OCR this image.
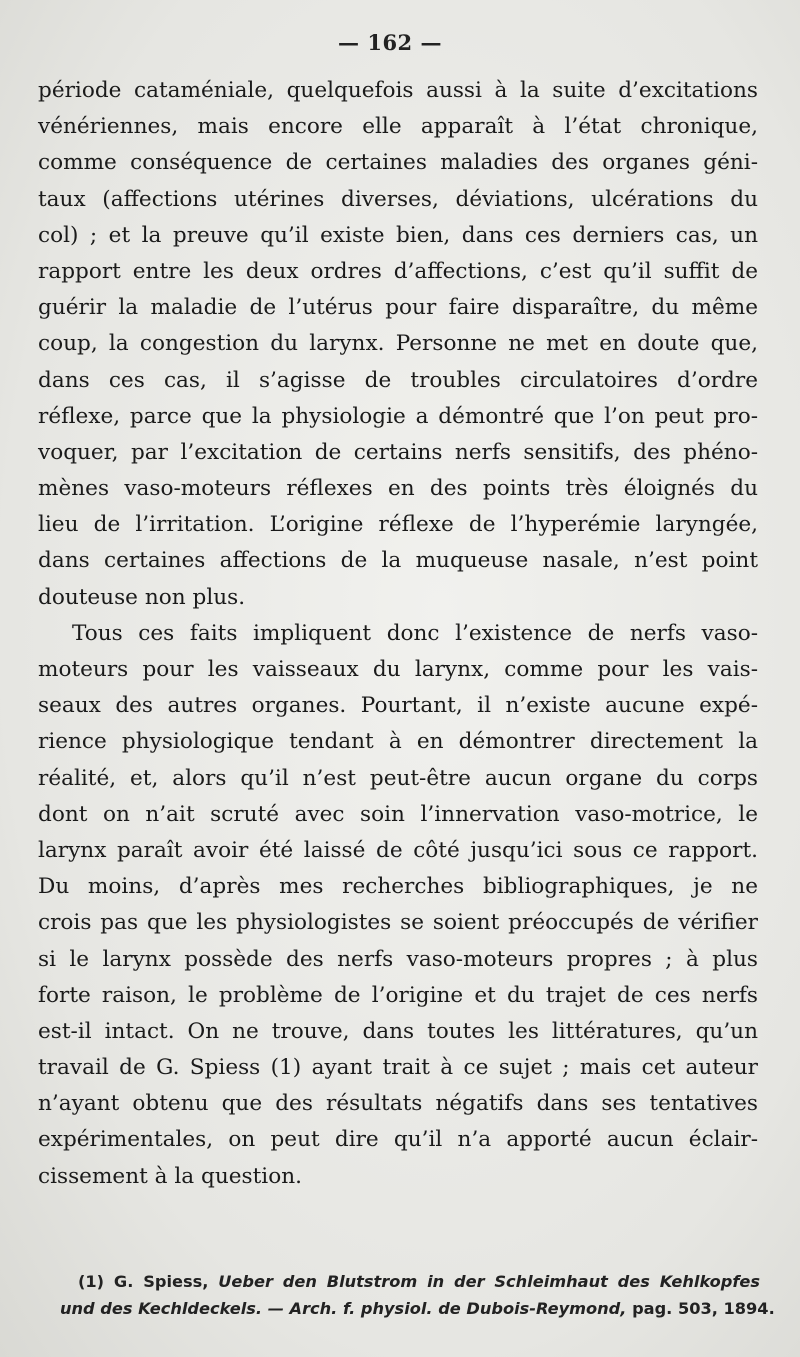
— 162 —
période cataméniale, quelquefois aussi à la suite d’excitations
vénériennes, mais encore elle apparaît à l’état chronique,
comme conséquence de certaines maladies des organes géni-
taux (affections utérines diverses, déviations, ulcérations du
col) ; et la preuve qu’il existe bien, dans ces derniers cas, un
rapport entre les deux ordres d’affections, c’est qu’il suffit de
guérir la maladie de l’utérus pour faire disparaître, du même
coup, la congestion du larynx. Personne ne met en doute que,
dans ces cas, il s’agisse de troubles circulatoires d’ordre
réflexe, parce que la physiologie a démontré que l’on peut pro-
voquer, par l’excitation de certains nerfs sensitifs, des phéno-
mènes vaso-moteurs réflexes en des points très éloignés du
lieu de l’irritation. L’origine réflexe de l’hyperémie laryngée,
dans certaines affections de la muqueuse nasale, n’est point
douteuse non plus.
Tous ces faits impliquent donc l’existence de nerfs vaso-
moteurs pour les vaisseaux du larynx, comme pour les vais-
seaux des autres organes. Pourtant, il n’existe aucune expé-
rience physiologique tendant à en démontrer directement la
réalité, et, alors qu’il n’est peut-être aucun organe du corps
dont on n’ait scruté avec soin l’innervation vaso-motrice, le
larynx paraît avoir été laissé de côté jusqu’ici sous ce rapport.
Du moins, d’après mes recherches bibliographiques, je ne
crois pas que les physiologistes se soient préoccupés de vérifier
si le larynx possède des nerfs vaso-moteurs propres ; à plus
forte raison, le problème de l’origine et du trajet de ces nerfs
est-il intact. On ne trouve, dans toutes les littératures, qu’un
travail de G. Spiess (1) ayant trait à ce sujet ; mais cet auteur
n’ayant obtenu que des résultats négatifs dans ses tentatives
expérimentales, on peut dire qu’il n’a apporté aucun éclair-
cissement à la question.
(1) G. Spiess, Ueber den Blutstrom in der Schleimhaut des Kehlkopfes
und des Kechldeckels. — Arch. f. physiol. de Dubois-Reymond, pag. 503, 1894.
